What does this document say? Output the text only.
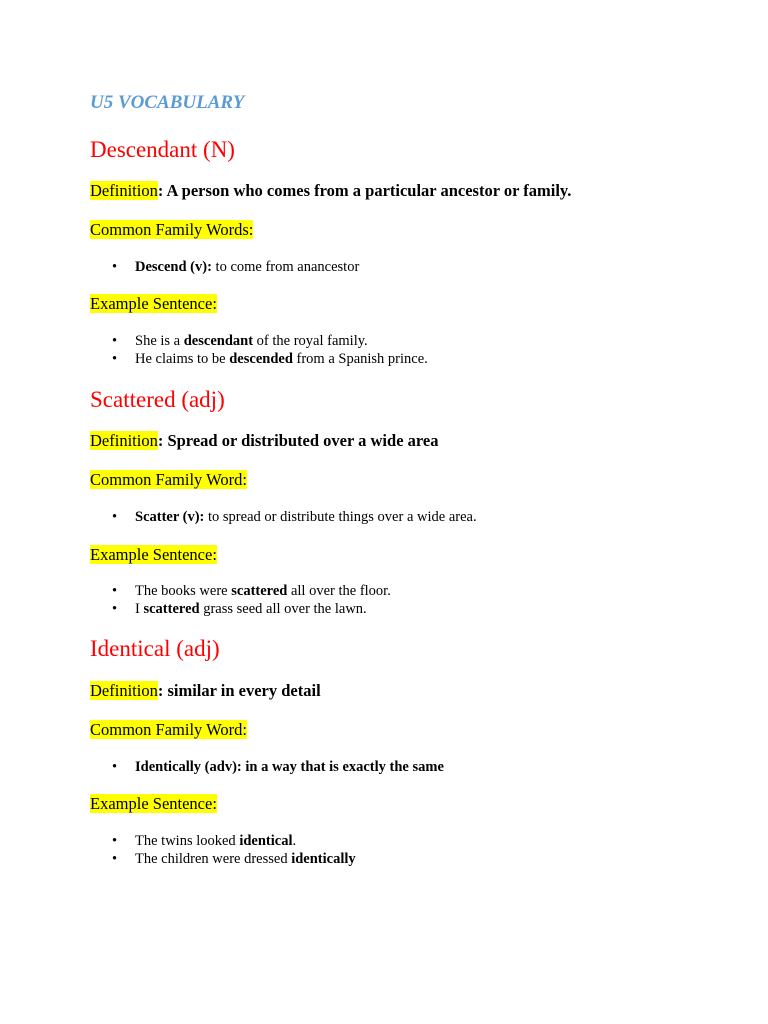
U5 VOCABULARY
Descendant (N)

Definition: A person who comes from a particular ancestor or family.

Common Family Words:

• Descend (v): to come from anancestor

Example Sentence:

• She is a descendant of the royal family.
• He claims to be descended from a Spanish prince.
Scattered (adj)

Definition: Spread or distributed over a wide area

Common Family Word:

• Scatter (v): to spread or distribute things over a wide area.

Example Sentence:

• The books were scattered all over the floor.
• I scattered grass seed all over the lawn.
Identical (adj)

Definition: similar in every detail

Common Family Word:

• Identically (adv): in a way that is exactly the same

Example Sentence:

• The twins looked identical.
• The children were dressed identically
